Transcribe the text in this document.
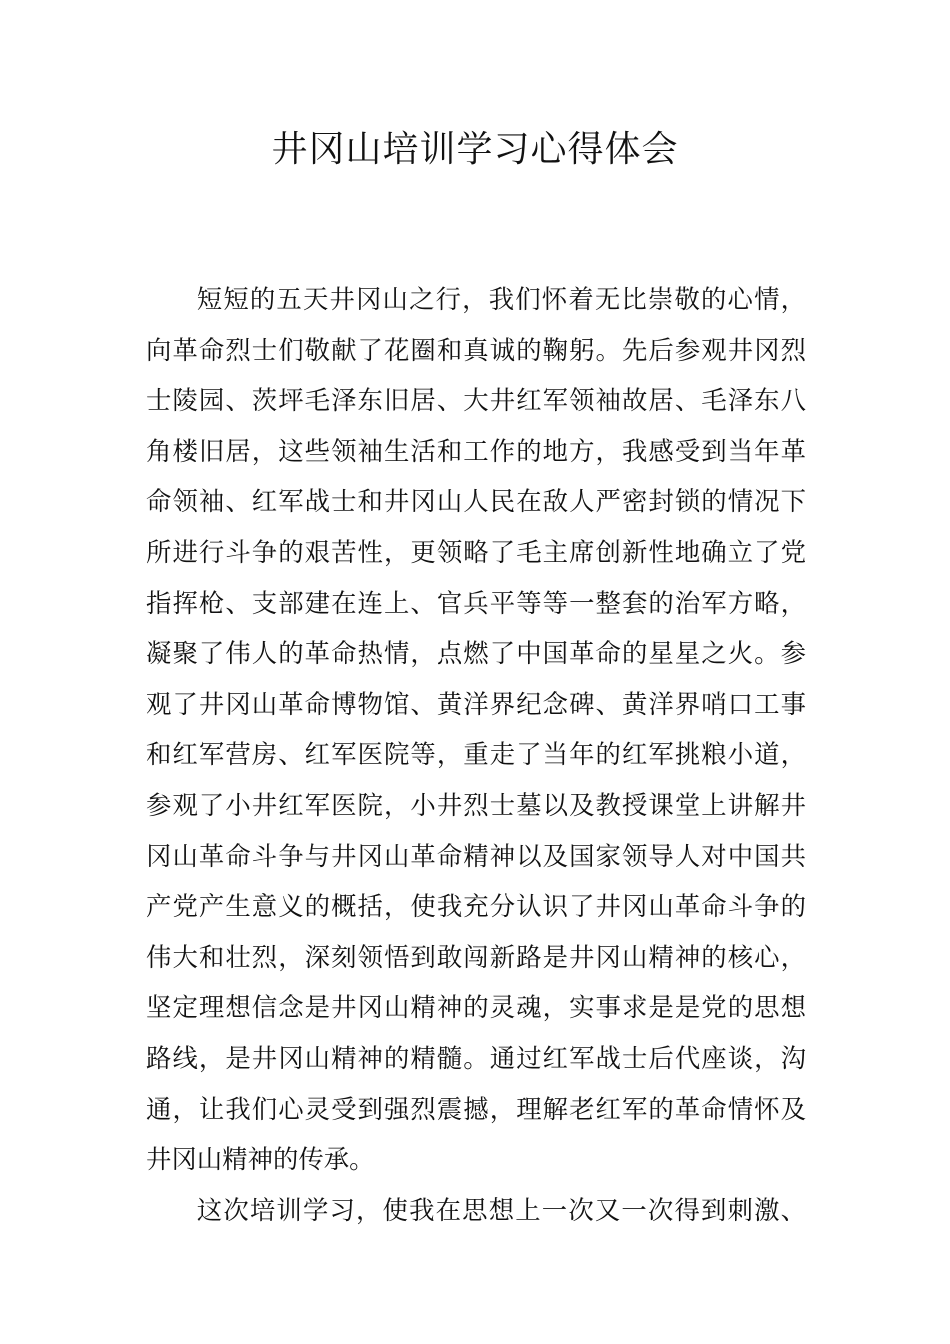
井冈山培训学习心得体会

短短的五天井冈山之行，我们怀着无比崇敬的心情，向革命烈士们敬献了花圈和真诚的鞠躬。先后参观井冈烈士陵园、茨坪毛泽东旧居、大井红军领袖故居、毛泽东八角楼旧居，这些领袖生活和工作的地方，我感受到当年革命领袖、红军战士和井冈山人民在敌人严密封锁的情况下所进行斗争的艰苦性，更领略了毛主席创新性地确立了党指挥枪、支部建在连上、官兵平等等一整套的治军方略，凝聚了伟人的革命热情，点燃了中国革命的星星之火。参观了井冈山革命博物馆、黄洋界纪念碑、黄洋界哨口工事和红军营房、红军医院等，重走了当年的红军挑粮小道，参观了小井红军医院，小井烈士墓以及教授课堂上讲解井冈山革命斗争与井冈山革命精神以及国家领导人对中国共产党产生意义的概括，使我充分认识了井冈山革命斗争的伟大和壮烈，深刻领悟到敢闯新路是井冈山精神的核心，坚定理想信念是井冈山精神的灵魂，实事求是是党的思想路线，是井冈山精神的精髓。通过红军战士后代座谈，沟通，让我们心灵受到强烈震撼，理解老红军的革命情怀及井冈山精神的传承。

这次培训学习，使我在思想上一次又一次得到刺激、
